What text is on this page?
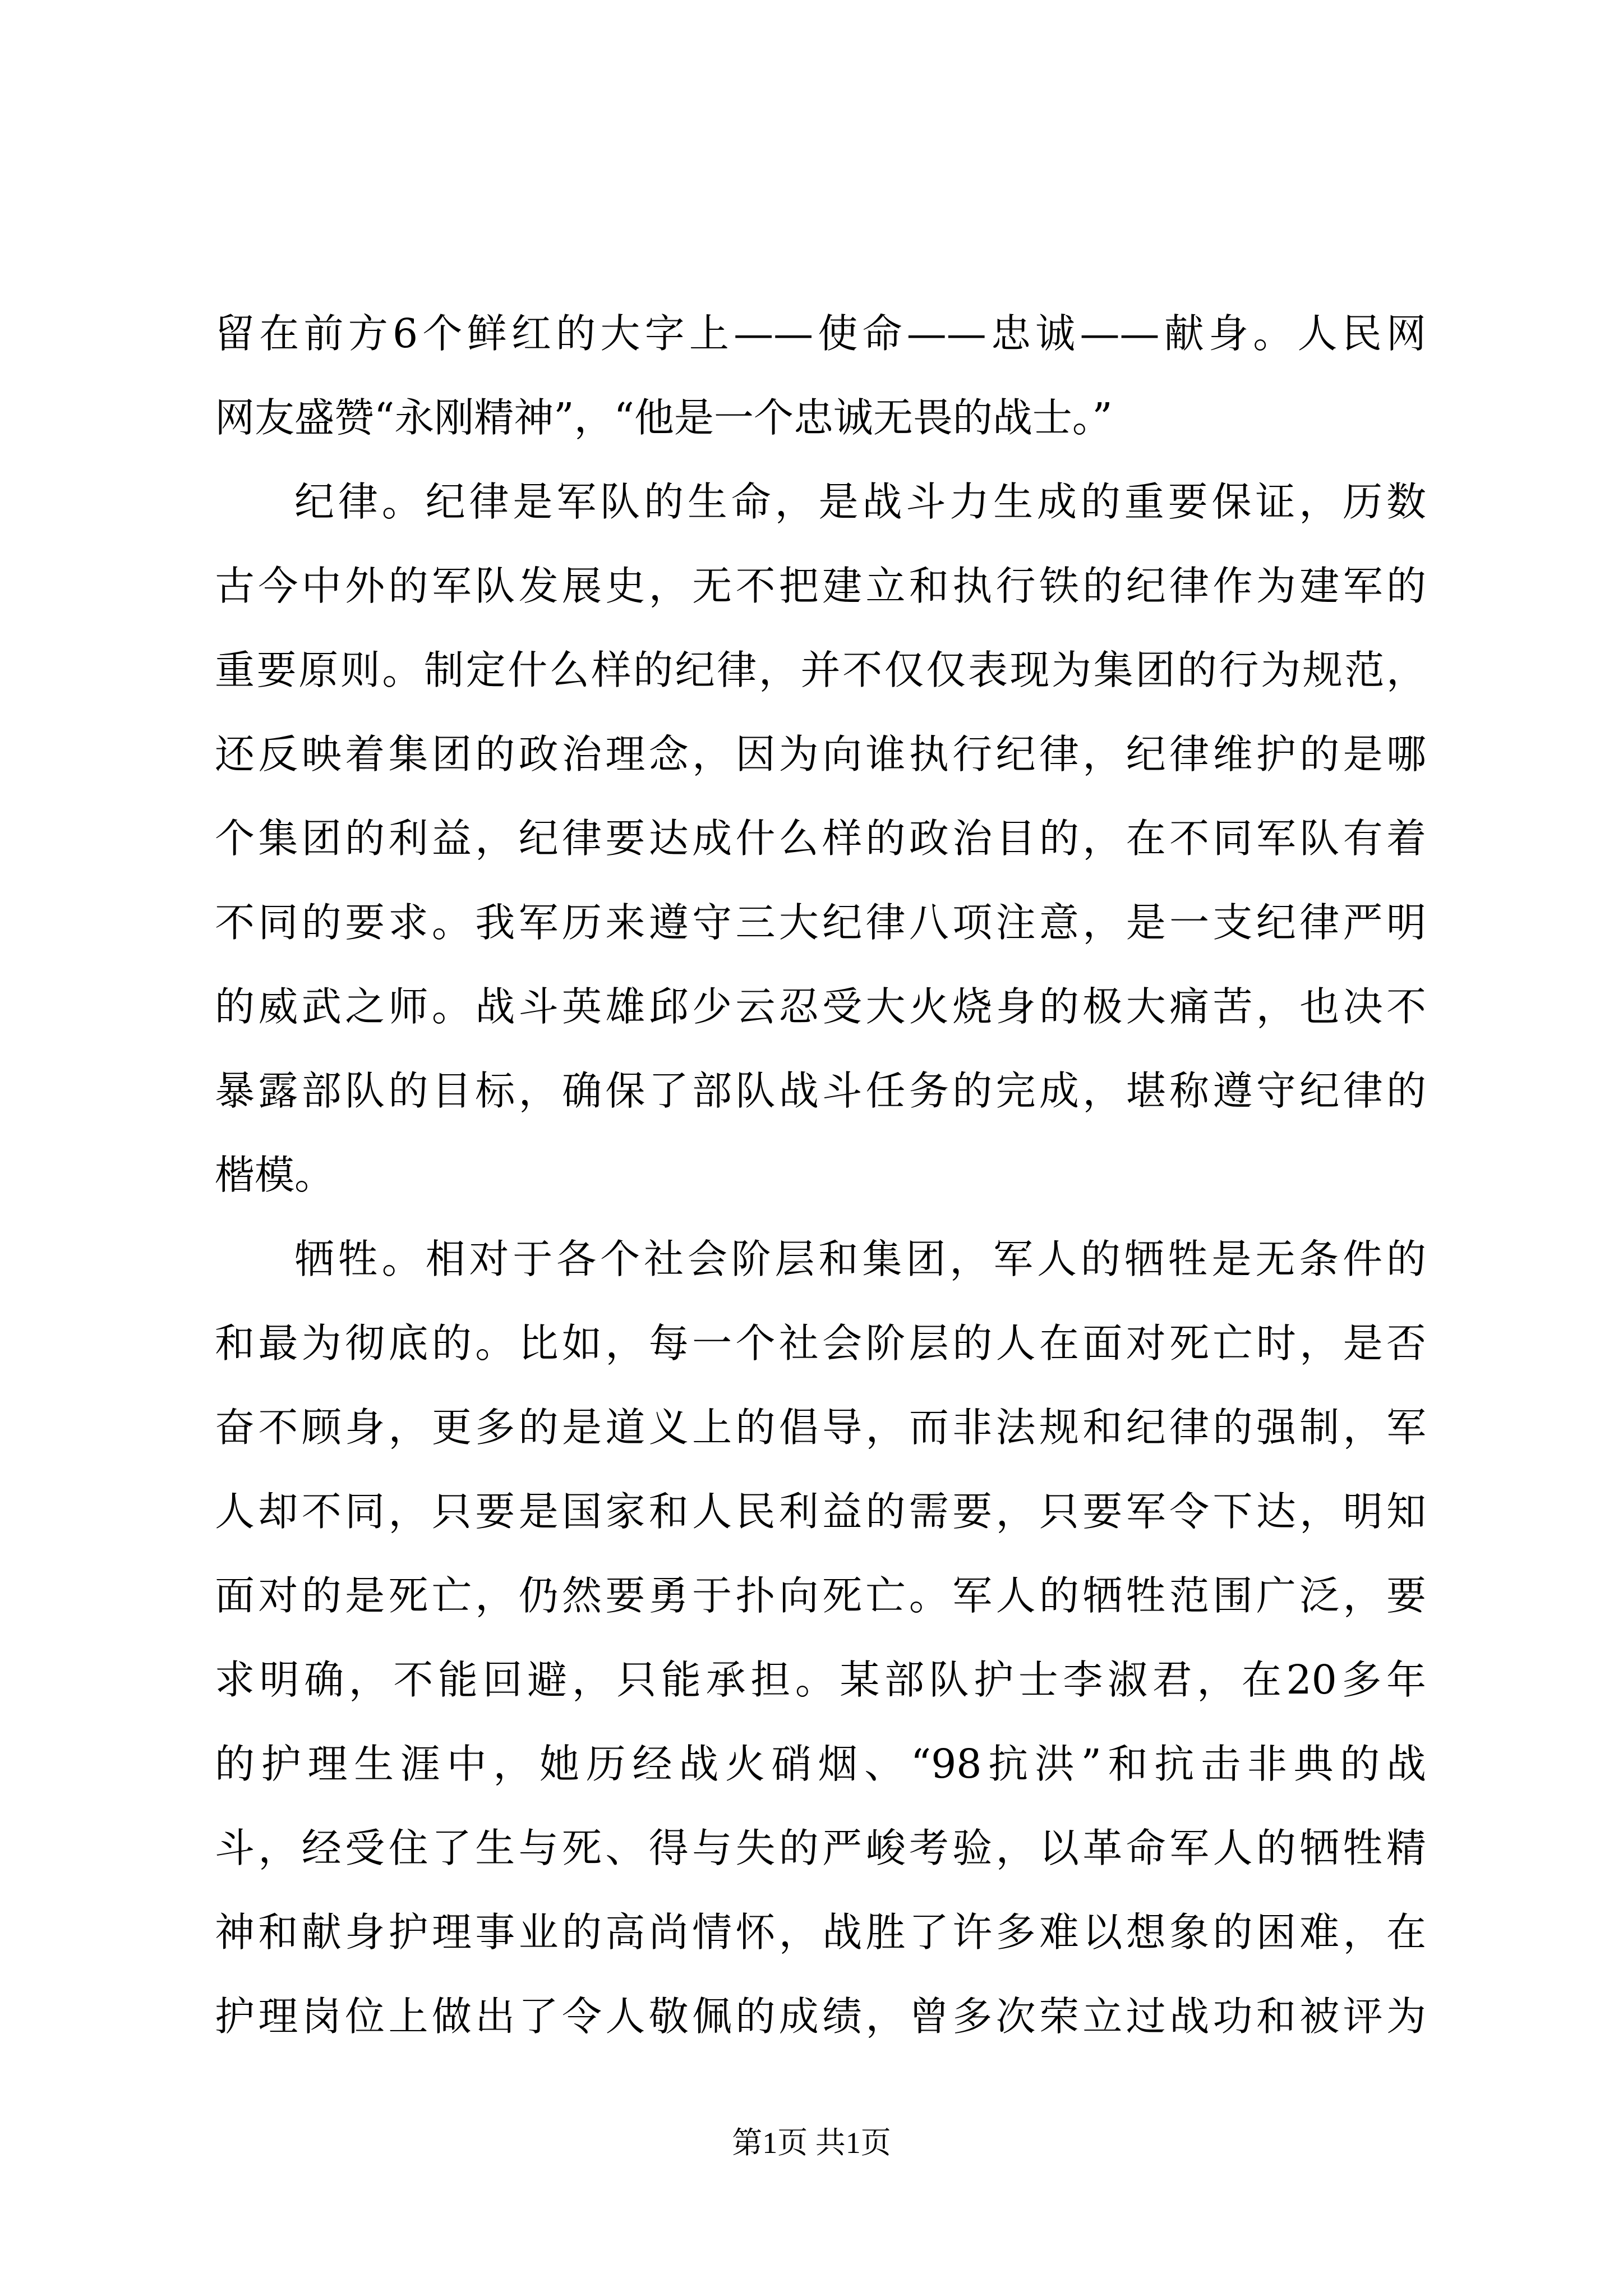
留在前方6个鲜红的大字上——使命——忠诚——献身。人民网
网友盛赞“永刚精神”，“他是一个忠诚无畏的战士。”
纪律。纪律是军队的生命，是战斗力生成的重要保证，历数
古今中外的军队发展史，无不把建立和执行铁的纪律作为建军的
重要原则。制定什么样的纪律，并不仅仅表现为集团的行为规范，
还反映着集团的政治理念，因为向谁执行纪律，纪律维护的是哪
个集团的利益，纪律要达成什么样的政治目的，在不同军队有着
不同的要求。我军历来遵守三大纪律八项注意，是一支纪律严明
的威武之师。战斗英雄邱少云忍受大火烧身的极大痛苦，也决不
暴露部队的目标，确保了部队战斗任务的完成，堪称遵守纪律的
楷模。
牺牲。相对于各个社会阶层和集团，军人的牺牲是无条件的
和最为彻底的。比如，每一个社会阶层的人在面对死亡时，是否
奋不顾身，更多的是道义上的倡导，而非法规和纪律的强制，军
人却不同，只要是国家和人民利益的需要，只要军令下达，明知
面对的是死亡，仍然要勇于扑向死亡。军人的牺牲范围广泛，要
求明确，不能回避，只能承担。某部队护士李淑君，在20多年
的护理生涯中，她历经战火硝烟、“98抗洪”和抗击非典的战
斗，经受住了生与死、得与失的严峻考验，以革命军人的牺牲精
神和献身护理事业的高尚情怀，战胜了许多难以想象的困难，在
护理岗位上做出了令人敬佩的成绩，曾多次荣立过战功和被评为
第1页 共1页
